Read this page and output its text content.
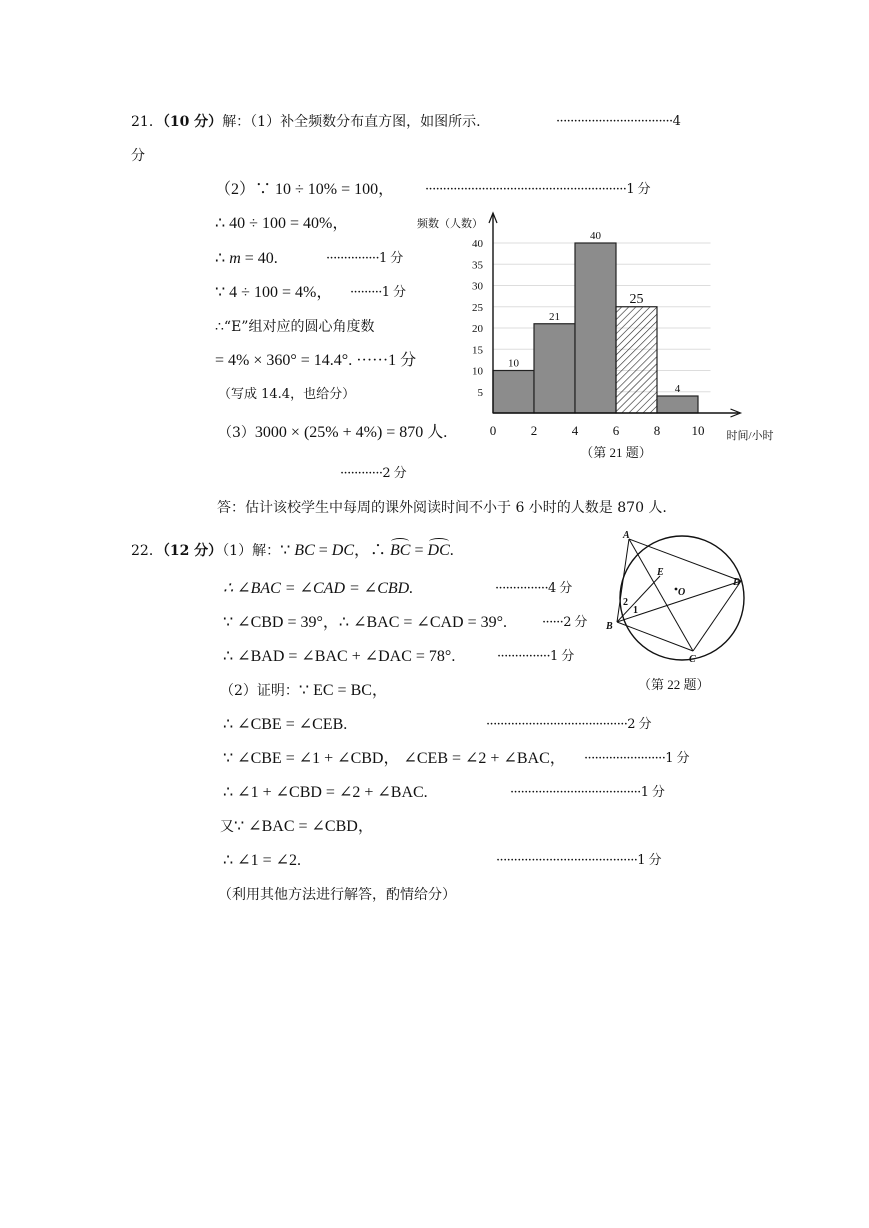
21．（10 分）解：（1）补全频数分布直方图，如图所示.	·································4
分
（2）∵ 10 ÷ 10% = 100， ·························································1 分
∴ 40 ÷ 100 = 40%，
∴ m = 40.	···············1 分
∵ 4 ÷ 100 = 4%， ·········1 分
∴“E”组对应的圆心角度数
= 4% × 360° = 14.4°. ······1 分
（写成 14.4，也给分）
（3）3000 × (25% + 4%) = 870 人.
············2 分
答：估计该校学生中每周的课外阅读时间不小于 6 小时的人数是 870 人.
10
21
40
25
4
5
10
15
20
25
30
35
40
0	2	4	6	8 10
频数（人数）
时间/小时
（第 21 题）
22．（12 分）（1）解：∵ BC = DC，∴ BC = DC.
∴ ∠BAC = ∠CAD = ∠CBD.	···············4 分
∵ ∠CBD = 39°，∴ ∠BAC = ∠CAD = 39°.	······2 分
∴ ∠BAD = ∠BAC + ∠DAC = 78°.	···············1 分
（2）证明：∵ EC = BC，
∴ ∠CBE = ∠CEB.	········································2 分
∵ ∠CBE = ∠1 + ∠CBD， ∠CEB = ∠2 + ∠BAC， ·······················1 分
∴ ∠1 + ∠CBD = ∠2 + ∠BAC.	·····································1 分
又∵ ∠BAC = ∠CBD，
∴ ∠1 = ∠2.	········································1 分
（利用其他方法进行解答，酌情给分）
A
D
B
C
E
O
2
1
（第 22 题）
